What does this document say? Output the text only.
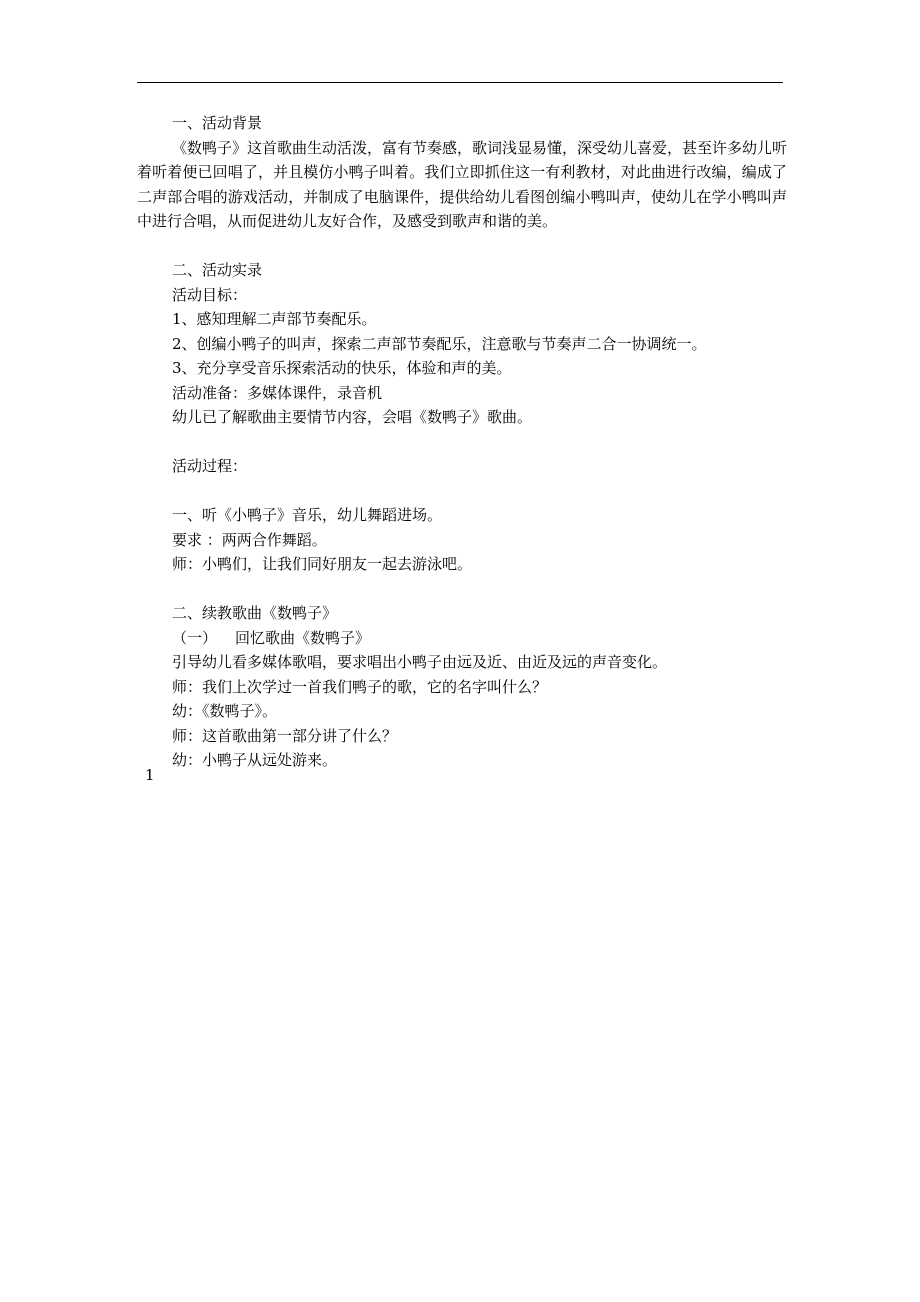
一、活动背景

《数鸭子》这首歌曲生动活泼，富有节奏感，歌词浅显易懂，深受幼儿喜爱，甚至许多幼儿听着听着便已回唱了，并且模仿小鸭子叫着。我们立即抓住这一有利教材，对此曲进行改编，编成了二声部合唱的游戏活动，并制成了电脑课件，提供给幼儿看图创编小鸭叫声，使幼儿在学小鸭叫声中进行合唱，从而促进幼儿友好合作，及感受到歌声和谐的美。

二、活动实录
活动目标：
1、感知理解二声部节奏配乐。
2、创编小鸭子的叫声，探索二声部节奏配乐，注意歌与节奏声二合一协调统一。
3、充分享受音乐探索活动的快乐，体验和声的美。
活动准备：多媒体课件，录音机
幼儿已了解歌曲主要情节内容，会唱《数鸭子》歌曲。
活动过程：
一、听《小鸭子》音乐，幼儿舞蹈进场。
要求 ：两两合作舞蹈。
师：小鸭们，让我们同好朋友一起去游泳吧。
二、续教歌曲《数鸭子》
（一） 回忆歌曲《数鸭子》
引导幼儿看多媒体歌唱，要求唱出小鸭子由远及近、由近及远的声音变化。
师：我们上次学过一首我们鸭子的歌，它的名字叫什么？
幼：《数鸭子》。
师：这首歌曲第一部分讲了什么？
幼：小鸭子从远处游来。
1
